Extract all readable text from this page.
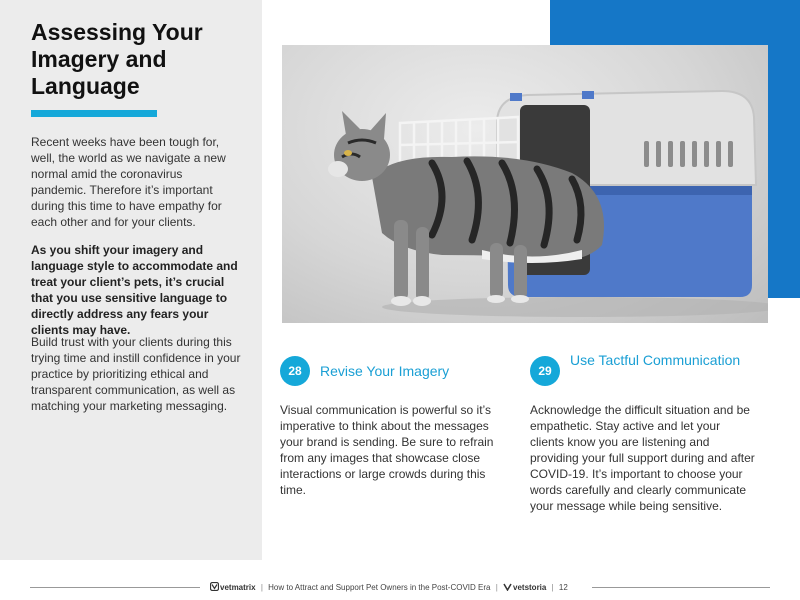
Assessing Your Imagery and Language

Recent weeks have been tough for, well, the world as we navigate a new normal amid the coronavirus pandemic. Therefore it’s important during this time to have empathy for each other and for your clients.

As you shift your imagery and language style to accommodate and treat your client’s pets, it’s crucial that you use sensitive language to directly address any fears your clients may have.

Build trust with your clients during this trying time and instill confidence in your practice by prioritizing ethical and transparent communication, as well as matching your marketing messaging.

28	Revise Your Imagery

Visual communication is powerful so it’s imperative to think about the messages your brand is sending. Be sure to refrain from any images that showcase close interactions or large crowds during this time.

29
Use Tactful Communication

Acknowledge the difficult situation and be empathetic. Stay active and let your clients know you are listening and providing your full support during and after COVID-19. It’s important to choose your words carefully and clearly communicate your message while being sensitive.

vetmatrix | How to Attract and Support Pet Owners in the Post-COVID Era | vetstoria | 12
